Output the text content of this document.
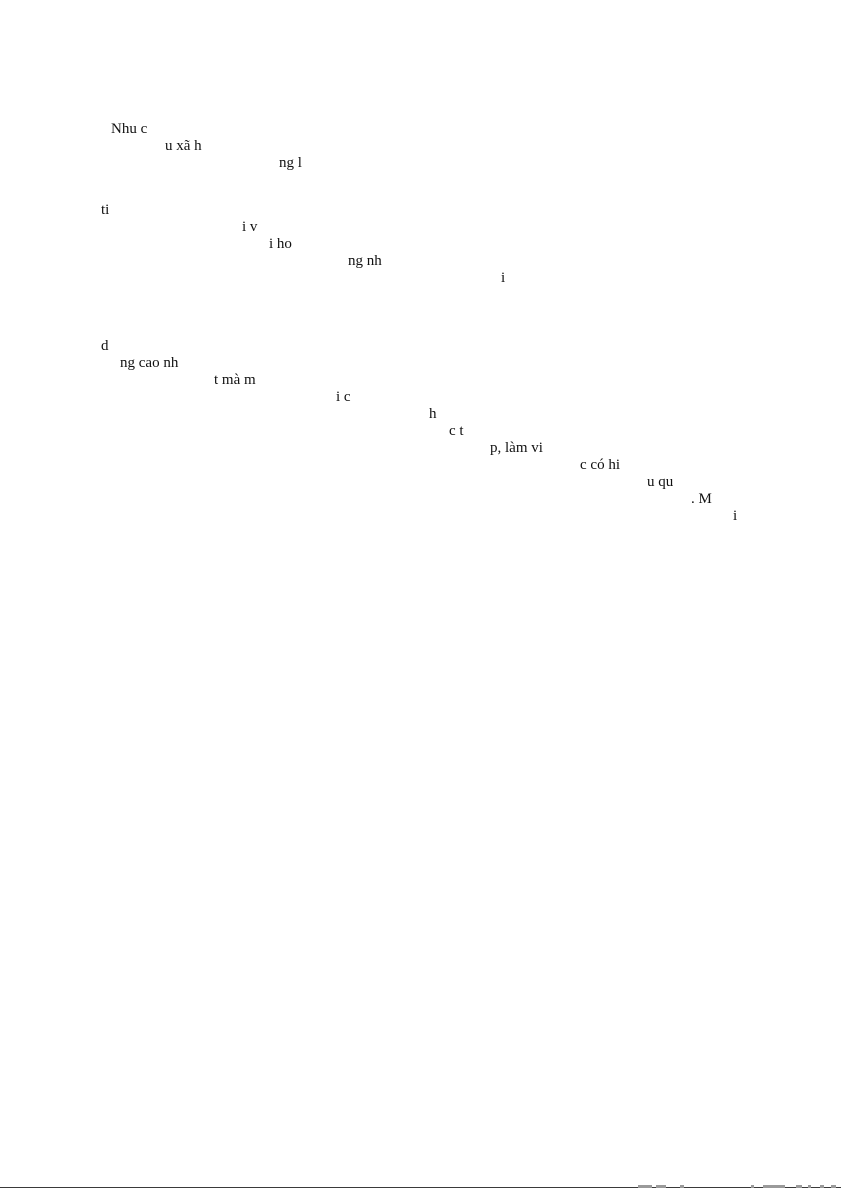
Nhu c

u xã h

ng l

ti

i v

i ho

ng nh

i

d

ng cao nh

t mà m

i c

h

c t

p, làm vi

c có hi

u qu

. M

i
